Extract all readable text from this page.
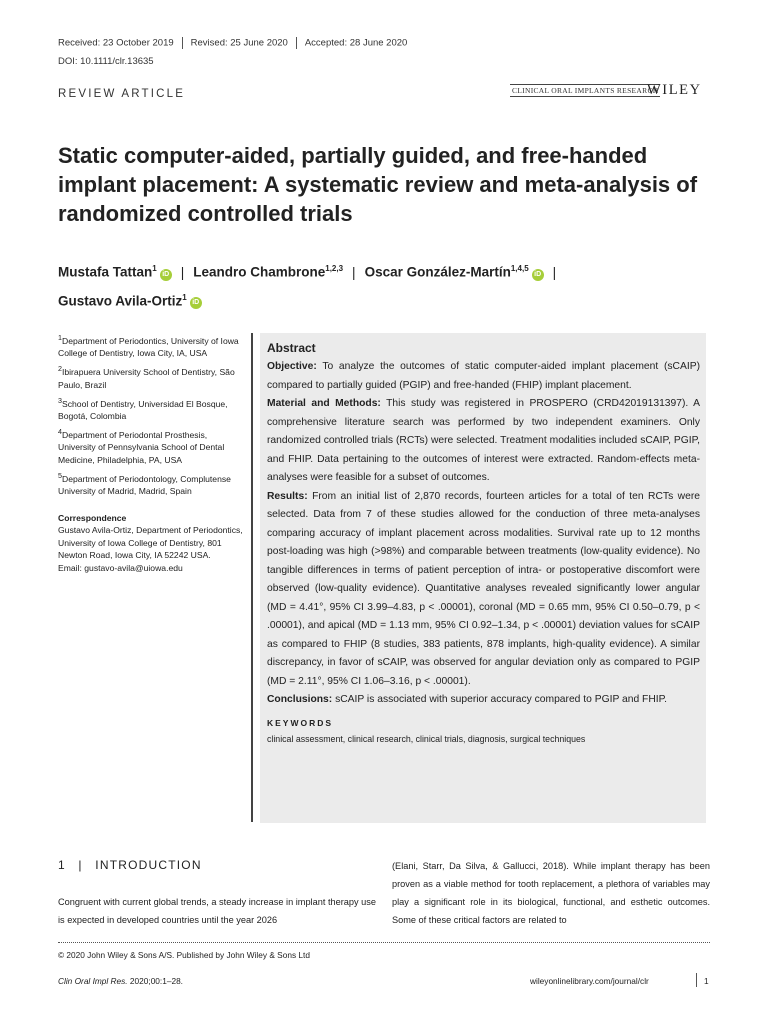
Received: 23 October 2019 Revised: 25 June 2020 Accepted: 28 June 2020
DOI: 10.1111/clr.13635
REVIEW ARTICLE	CLINICAL ORAL IMPLANTS RESEARCH
WILEY
Static computer-aided, partially guided, and free-handed implant placement: A systematic review and meta-analysis of randomized controlled trials
Mustafa Tattan$^1$iD | Leandro Chambrone$^{1,2,3}$ | Oscar González-Martín$^{1,4,5}$iD |
Gustavo Avila-Ortiz$^1$iD

$^1$Department of Periodontics, University of Iowa College of Dentistry, Iowa City, IA, USA

$^2$Ibirapuera University School of Dentistry, São Paulo, Brazil

$^3$School of Dentistry, Universidad El Bosque, Bogotá, Colombia

$^4$Department of Periodontal Prosthesis, University of Pennsylvania School of Dental Medicine, Philadelphia, PA, USA

$^5$Department of Periodontology, Complutense University of Madrid, Madrid, Spain

Correspondence

Gustavo Avila-Ortiz, Department of Periodontics, University of Iowa College of Dentistry, 801 Newton Road, Iowa City, IA 52242 USA.

Email: gustavo-avila@uiowa.edu

Abstract
Objective: To analyze the outcomes of static computer-aided implant placement (sCAIP) compared to partially guided (PGIP) and free-handed (FHIP) implant placement.
Material and Methods: This study was registered in PROSPERO (CRD42019131397). A comprehensive literature search was performed by two independent examiners. Only randomized controlled trials (RCTs) were selected. Treatment modalities included sCAIP, PGIP, and FHIP. Data pertaining to the outcomes of interest were extracted. Random-effects meta-analyses were feasible for a subset of outcomes.
Results: From an initial list of 2,870 records, fourteen articles for a total of ten RCTs were selected. Data from 7 of these studies allowed for the conduction of three meta-analyses comparing accuracy of implant placement across modalities. Survival rate up to 12 months post-loading was high (>98%) and comparable between treatments (low-quality evidence). No tangible differences in terms of patient perception of intra- or postoperative discomfort were observed (low-quality evidence). Quantitative analyses revealed significantly lower angular (MD = 4.41°, 95% CI 3.99–4.83, p < .00001), coronal (MD = 0.65 mm, 95% CI 0.50–0.79, p < .00001), and apical (MD = 1.13 mm, 95% CI 0.92–1.34, p < .00001) deviation values for sCAIP as compared to FHIP (8 studies, 383 patients, 878 implants, high-quality evidence). A similar discrepancy, in favor of sCAIP, was observed for angular deviation only as compared to PGIP (MD = 2.11°, 95% CI 1.06–3.16, p < .00001).
Conclusions: sCAIP is associated with superior accuracy compared to PGIP and FHIP.
KEYWORDS
clinical assessment, clinical research, clinical trials, diagnosis, surgical techniques
1 | INTRODUCTION
Congruent with current global trends, a steady increase in implant therapy use is expected in developed countries until the year 2026
(Elani, Starr, Da Silva, & Gallucci, 2018). While implant therapy has been proven as a viable method for tooth replacement, a plethora of variables may play a significant role in its biological, functional, and esthetic outcomes. Some of these critical factors are related to
© 2020 John Wiley & Sons A/S. Published by John Wiley & Sons Ltd
Clin Oral Impl Res. 2020;00:1–28.	wileyonlinelibrary.com/journal/clr	1
